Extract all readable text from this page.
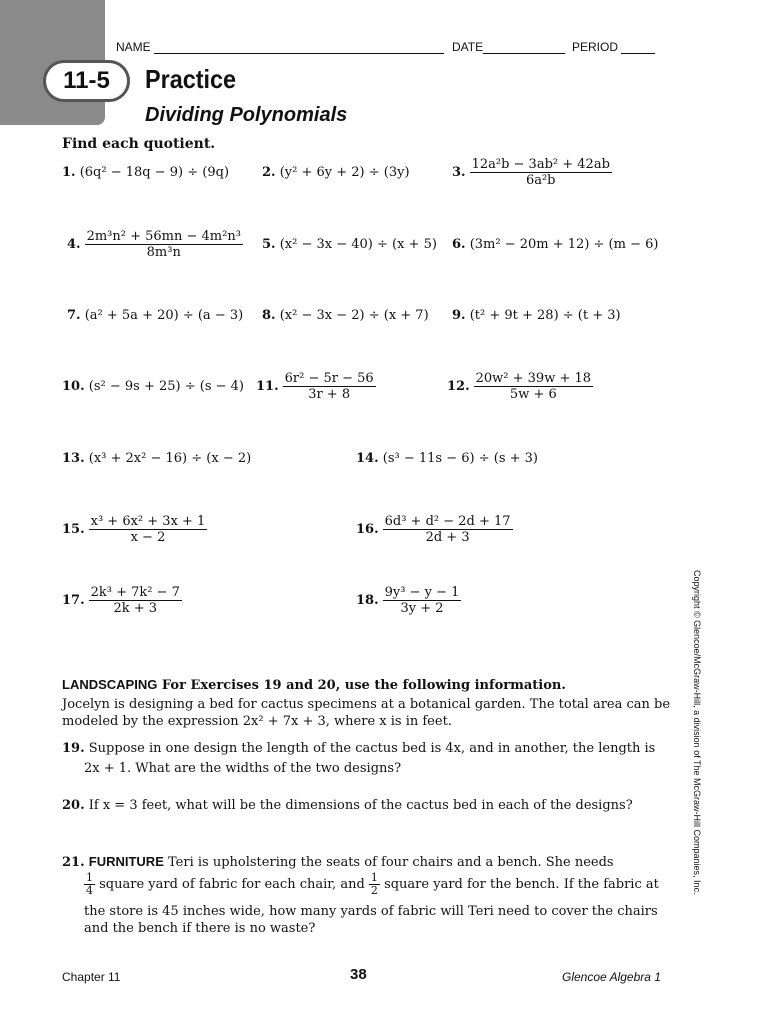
11-5	Practice
Dividing Polynomials
NAME	DATE	PERIOD
Find each quotient.
1. (6q² − 18q − 9) ÷ (9q)	2. (y² + 6y + 2) ÷ (3y)	3. $\frac{\text{12a²b − 3ab² + 42ab}}{\text{6a²b}}$
4. $\frac{\text{2m³n² + 56mn − 4m²n³}}{\text{8m³n}} 5$. (x² − 3x − 40) ÷ (x + 5) 6. (3m² − 20m + 12) ÷ (m − 6)
7. (a² + 5a + 20) ÷ (a − 3) 8. (x² − 3x − 2) ÷ (x + 7) 9. (t² + 9t + 28) ÷ (t + 3)
10. (s² − 9s + 25) ÷ (s − 4) 11. $\frac{\text{6r² − 5r − 56}}{3r + 8}$	12. $\frac{\text{20w² + 39w + 18}}{5w + 6}$
13. (x³ + 2x² − 16) ÷ (x − 2)	14. (s³ − 11s − 6) ÷ (s + 3)
15. $\frac{\text{x³ + 6x² + 3x + 1}}{x - 2}$	16. $\frac{\text{6d³ + d² − 2d + 17}}{2d + 3}$
17. $\frac{\text{2k³ + 7k² − 7}}{2k + 3}$	18. $\frac{\text{9y³ − y − 1}}{3y + 2}$
LANDSCAPING For Exercises 19 and 20, use the following information.
Jocelyn is designing a bed for cactus specimens at a botanical garden. The total area can be
modeled by the expression 2x² + 7x + 3, where x is in feet.
19. Suppose in one design the length of the cactus bed is 4x, and in another, the length is 2x + 1. What are the widths of the two designs?
20. If x = 3 feet, what will be the dimensions of the cactus bed in each of the designs?
21. FURNITURE Teri is upholstering the seats of four chairs and a bench. She needs
$\frac{1}{4}$ square yard of fabric for each chair, and $\frac{1}{2}$ square yard for the bench. If the fabric at
the store is 45 inches wide, how many yards of fabric will Teri need to cover the chairs
and the bench if there is no waste?
Copyright © Glencoe/McGraw-Hill, a division of The McGraw-Hill Companies, Inc.
Chapter 11	38	Glencoe Algebra 1
